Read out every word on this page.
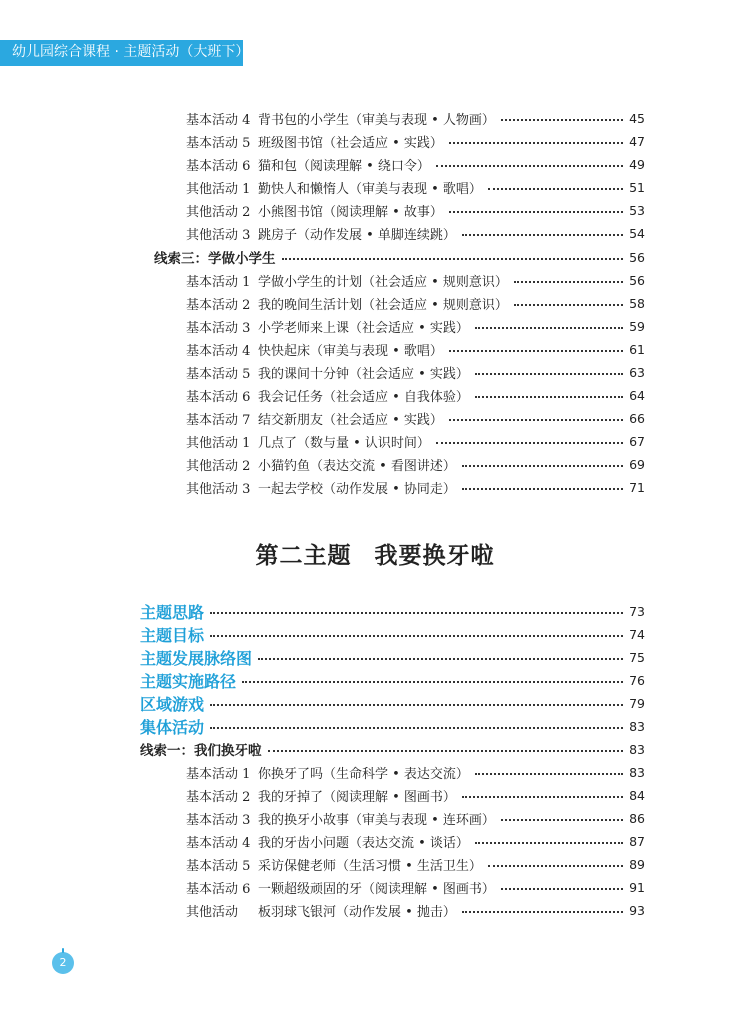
幼儿园综合课程 · 主题活动（大班下）
基本活动 4 背书包的小学生（审美与表现 • 人物画）	45
基本活动 5 班级图书馆（社会适应 • 实践）	47
基本活动 6 猫和包（阅读理解 • 绕口令）	49
其他活动 1 勤快人和懒惰人（审美与表现 • 歌唱）	51
其他活动 2 小熊图书馆（阅读理解 • 故事）	53
其他活动 3 跳房子（动作发展 • 单脚连续跳）	54
线索三：学做小学生	56
基本活动 1 学做小学生的计划（社会适应 • 规则意识）	56
基本活动 2 我的晚间生活计划（社会适应 • 规则意识）	58
基本活动 3 小学老师来上课（社会适应 • 实践）	59
基本活动 4 快快起床（审美与表现 • 歌唱）	61
基本活动 5 我的课间十分钟（社会适应 • 实践）	63
基本活动 6 我会记任务（社会适应 • 自我体验）	64
基本活动 7 结交新朋友（社会适应 • 实践）	66
其他活动 1 几点了（数与量 • 认识时间）	67
其他活动 2 小猫钓鱼（表达交流 • 看图讲述）	69
其他活动 3 一起去学校（动作发展 • 协同走）	71
第二主题 我要换牙啦
主题思路	73
主题目标	74
主题发展脉络图	75
主题实施路径	76
区域游戏	79
集体活动	83
线索一：我们换牙啦	83
基本活动 1 你换牙了吗（生命科学 • 表达交流）	83
基本活动 2 我的牙掉了（阅读理解 • 图画书）	84
基本活动 3 我的换牙小故事（审美与表现 • 连环画）	86
基本活动 4 我的牙齿小问题（表达交流 • 谈话）	87
基本活动 5 采访保健老师（生活习惯 • 生活卫生）	89
基本活动 6 一颗超级顽固的牙（阅读理解 • 图画书）	91
其他活动	板羽球飞银河（动作发展 • 抛击）	93
2
